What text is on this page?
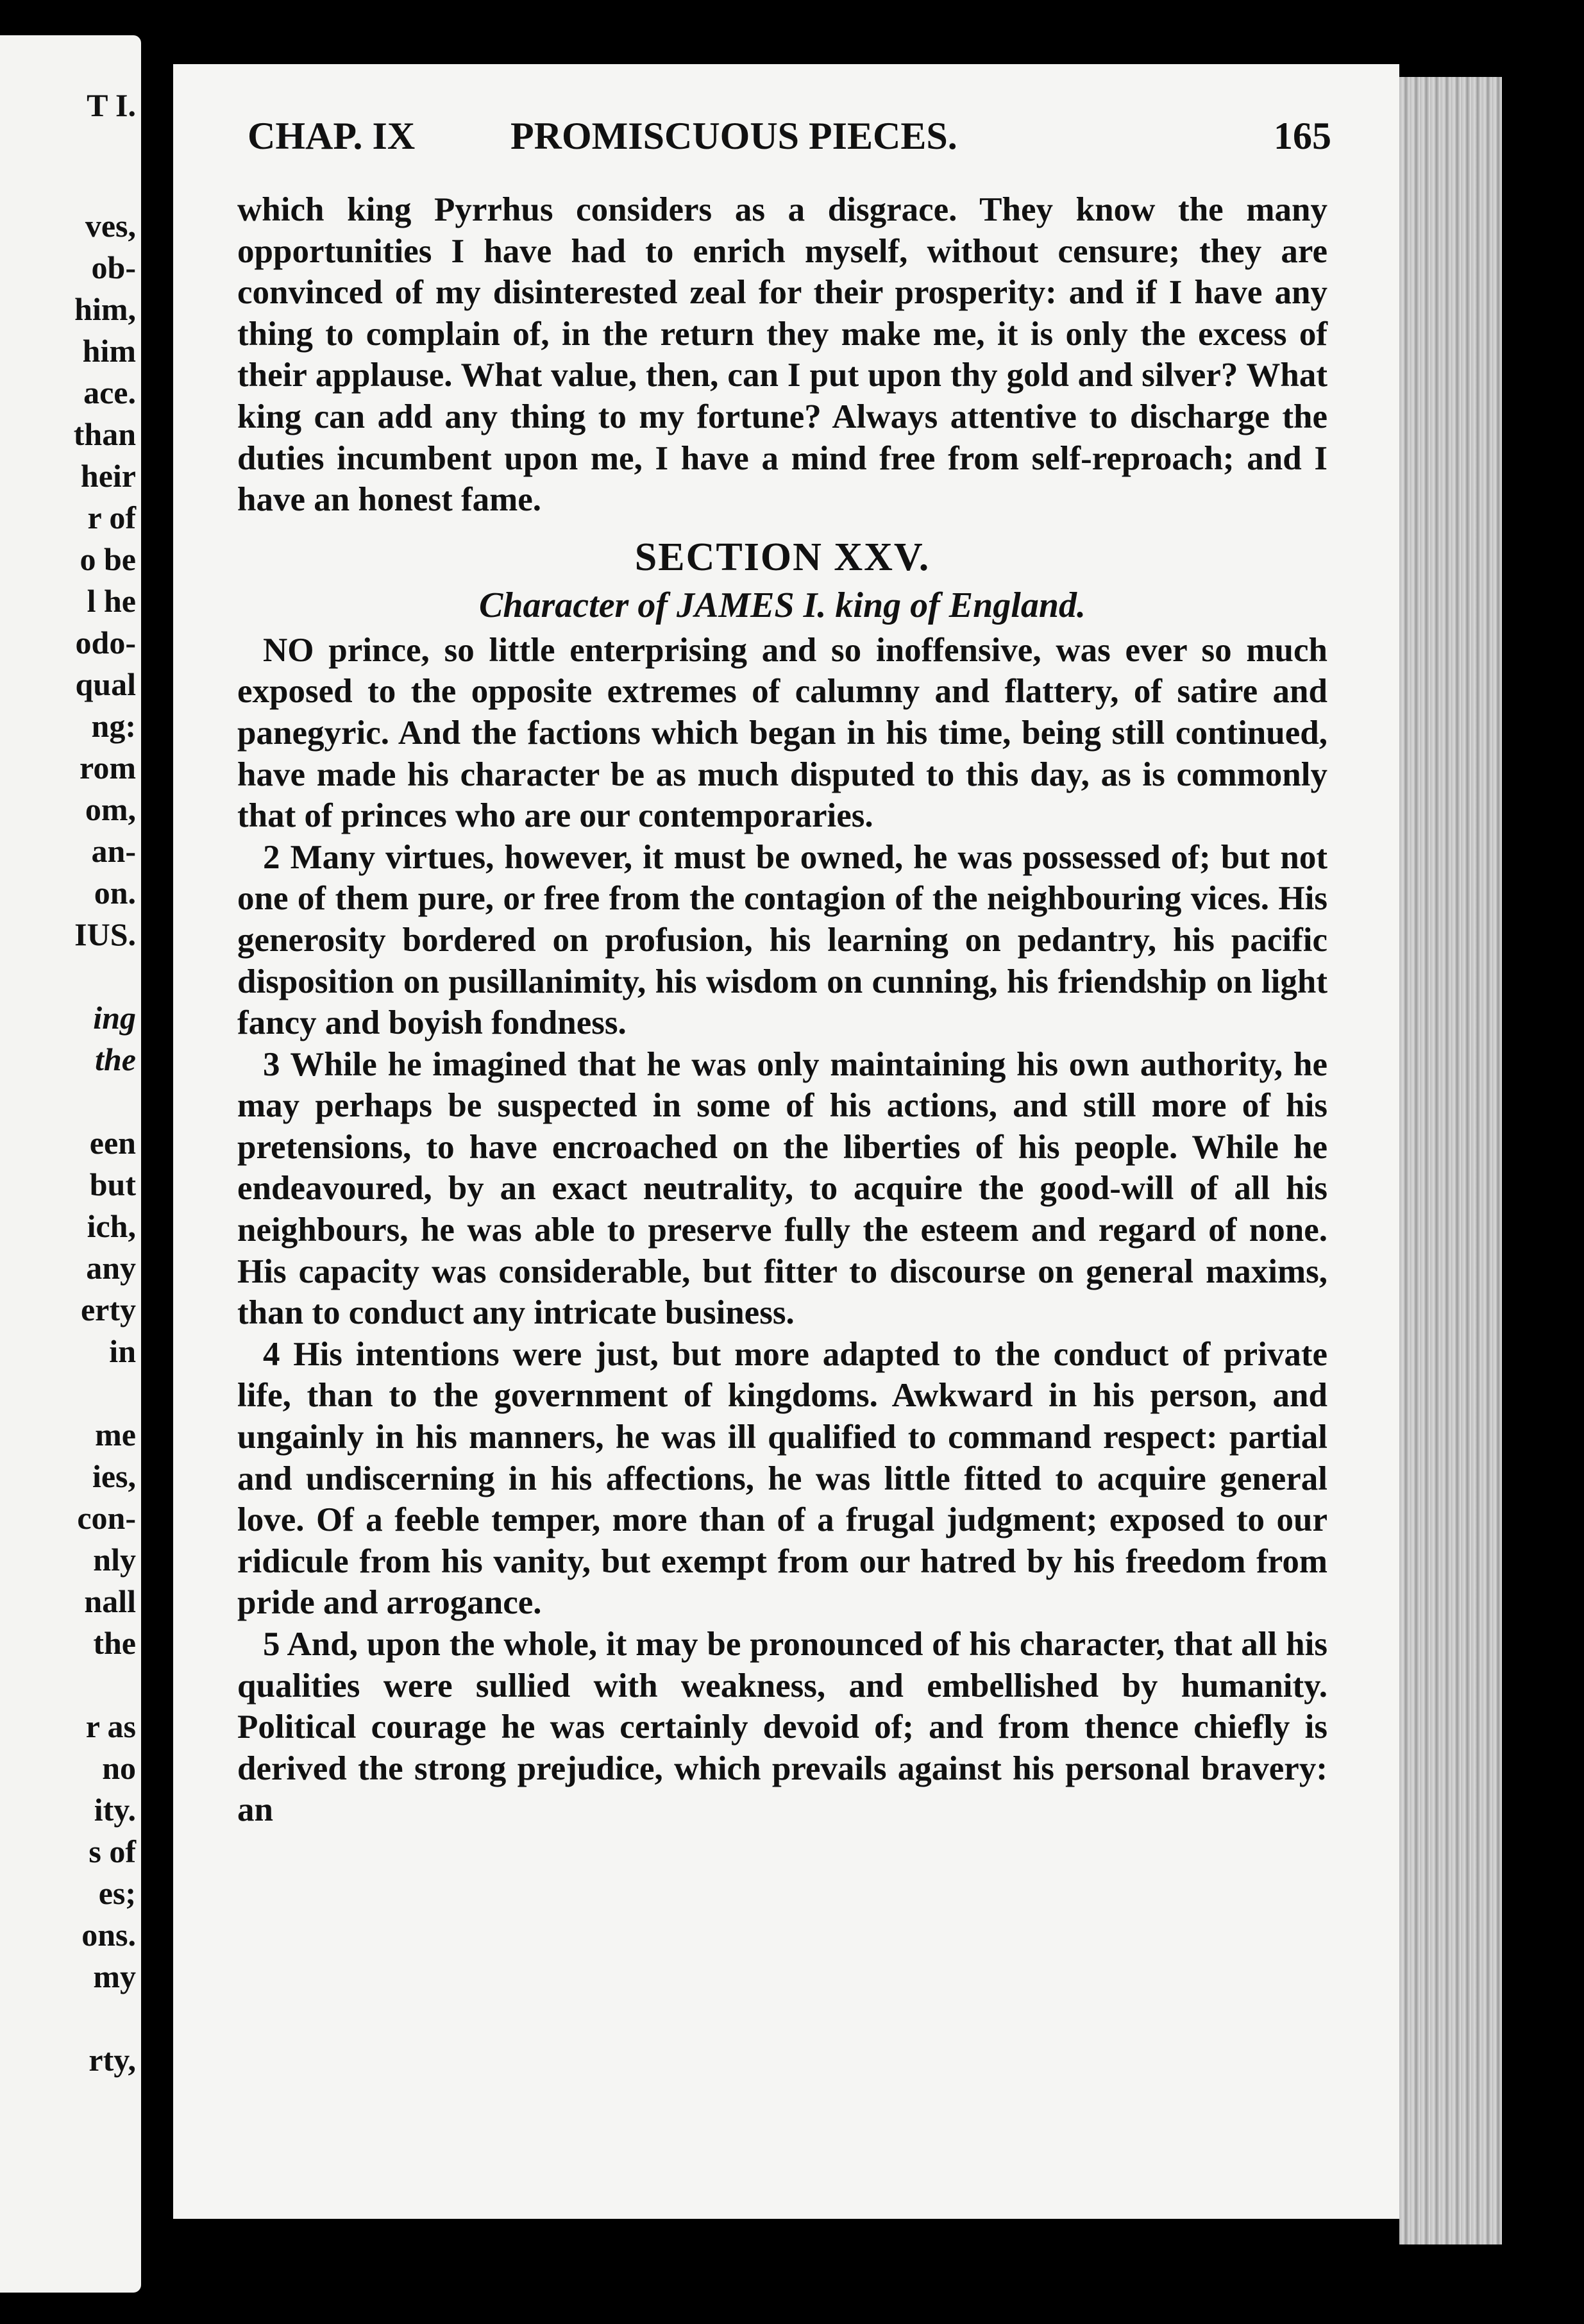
T I.
ves,
ob-
him,
him
ace.
than
heir
r of
o be
l he
odo-
qual
ng:
rom
om,
an-
on.
IUS.
ing
the
een
but
ich,
any
erty
in
me
ies,
con-
nly
nall
the
r as
no
ity.
s of
es;
ons.
my
rty,
CHAP. IX PROMISCUOUS PIECES.	165

which king Pyrrhus considers as a disgrace. They know the many opportunities I have had to enrich myself, without censure; they are convinced of my disinterested zeal for their prosperity: and if I have any thing to complain of, in the return they make me, it is only the excess of their applause. What value, then, can I put upon thy gold and silver? What king can add any thing to my fortune? Always attentive to discharge the duties incumbent upon me, I have a mind free from self-reproach; and I have an honest fame.

SECTION XXV.
Character of JAMES I. king of England.

NO prince, so little enterprising and so inoffensive, was ever so much exposed to the opposite extremes of calumny and flattery, of satire and panegyric. And the factions which began in his time, being still continued, have made his character be as much disputed to this day, as is commonly that of princes who are our contemporaries.

2 Many virtues, however, it must be owned, he was possessed of; but not one of them pure, or free from the contagion of the neighbouring vices. His generosity bordered on profusion, his learning on pedantry, his pacific disposition on pusillanimity, his wisdom on cunning, his friendship on light fancy and boyish fondness.

3 While he imagined that he was only maintaining his own authority, he may perhaps be suspected in some of his actions, and still more of his pretensions, to have encroached on the liberties of his people. While he endeavoured, by an exact neutrality, to acquire the good-will of all his neighbours, he was able to preserve fully the esteem and regard of none. His capacity was considerable, but fitter to discourse on general maxims, than to conduct any intricate business.

4 His intentions were just, but more adapted to the conduct of private life, than to the government of kingdoms. Awkward in his person, and ungainly in his manners, he was ill qualified to command respect: partial and undiscerning in his affections, he was little fitted to acquire general love. Of a feeble temper, more than of a frugal judgment; exposed to our ridicule from his vanity, but exempt from our hatred by his freedom from pride and arrogance.

5 And, upon the whole, it may be pronounced of his character, that all his qualities were sullied with weakness, and embellished by humanity. Political courage he was certainly devoid of; and from thence chiefly is derived the strong prejudice, which prevails against his personal bravery: an
